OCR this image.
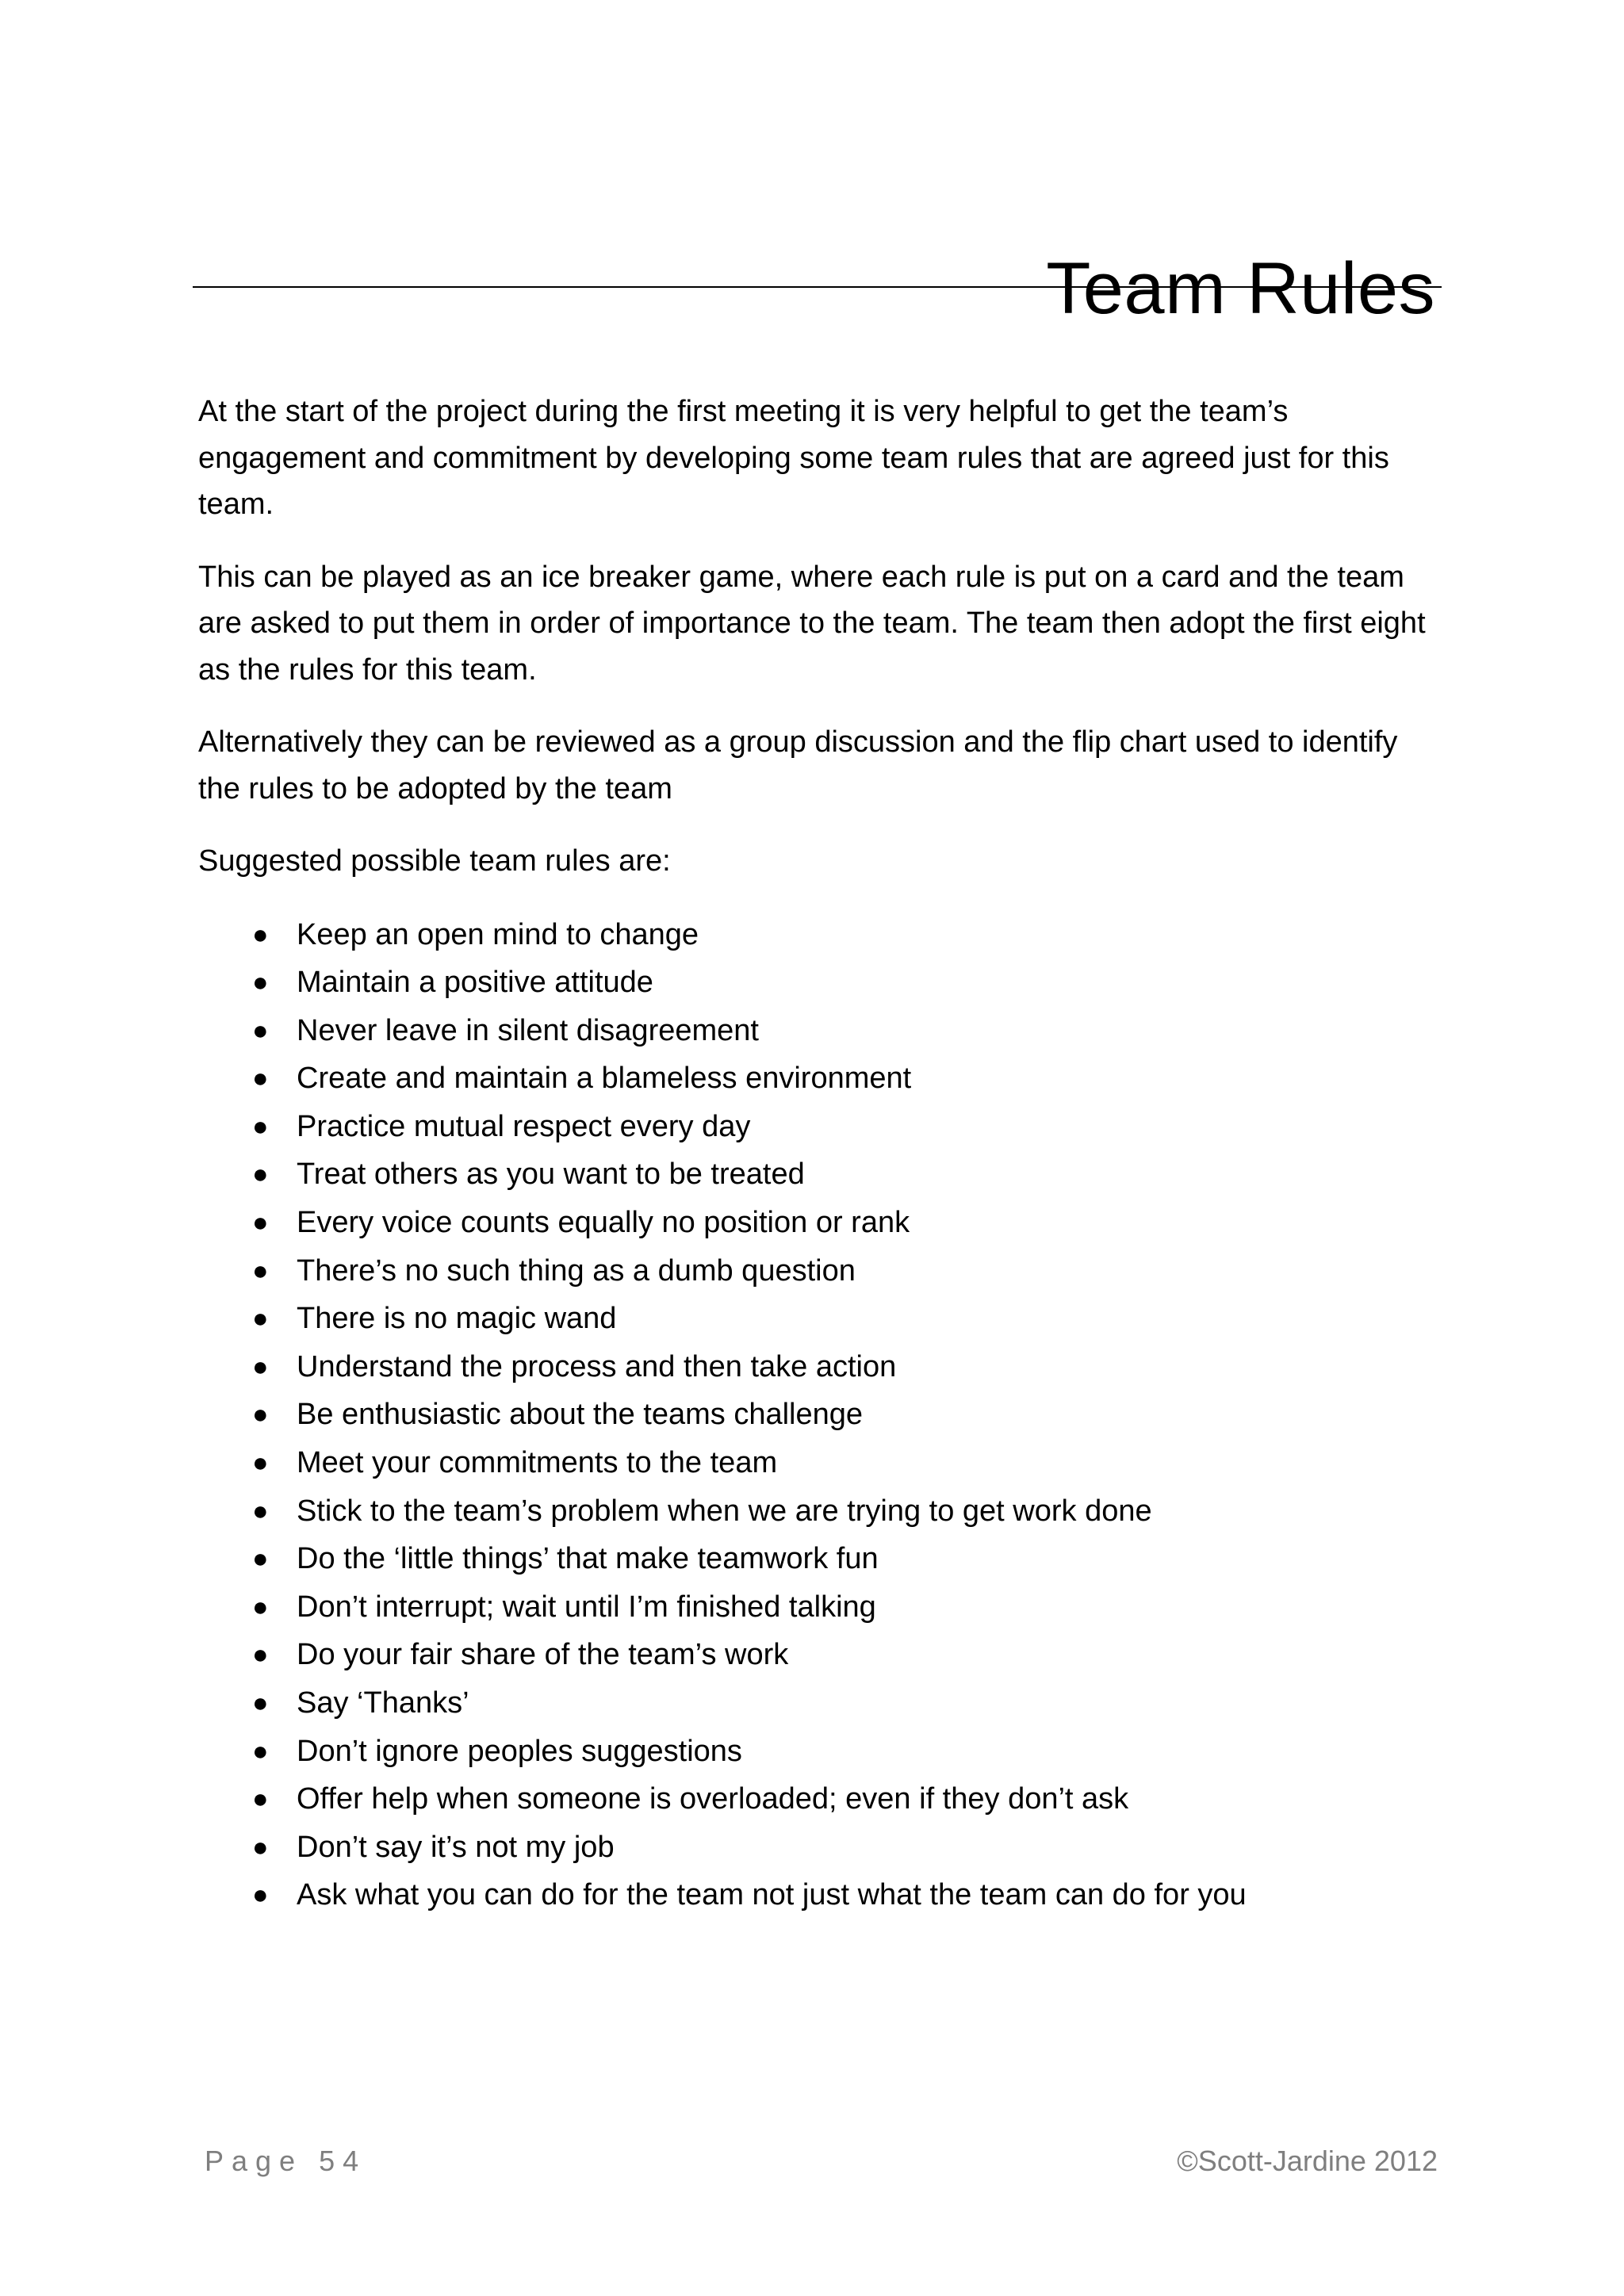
Team Rules

At the start of the project during the first meeting it is very helpful to get the team’s engagement and commitment by developing some team rules that are agreed just for this team.

This can be played as an ice breaker game, where each rule is put on a card and the team are asked to put them in order of importance to the team. The team then adopt the first eight as the rules for this team.

Alternatively they can be reviewed as a group discussion and the flip chart used to identify the rules to be adopted by the team

Suggested possible team rules are:

● Keep an open mind to change
● Maintain a positive attitude
● Never leave in silent disagreement
● Create and maintain a blameless environment
● Practice mutual respect every day
● Treat others as you want to be treated
● Every voice counts equally no position or rank
● There’s no such thing as a dumb question
● There is no magic wand
● Understand the process and then take action
● Be enthusiastic about the teams challenge
● Meet your commitments to the team
● Stick to the team’s problem when we are trying to get work done
● Do the ‘little things’ that make teamwork fun
● Don’t interrupt; wait until I’m finished talking
● Do your fair share of the team’s work
● Say ‘Thanks’
● Don’t ignore peoples suggestions
● Offer help when someone is overloaded; even if they don’t ask
● Don’t say it’s not my job
● Ask what you can do for the team not just what the team can do for you
Page 54	©Scott-Jardine 2012
